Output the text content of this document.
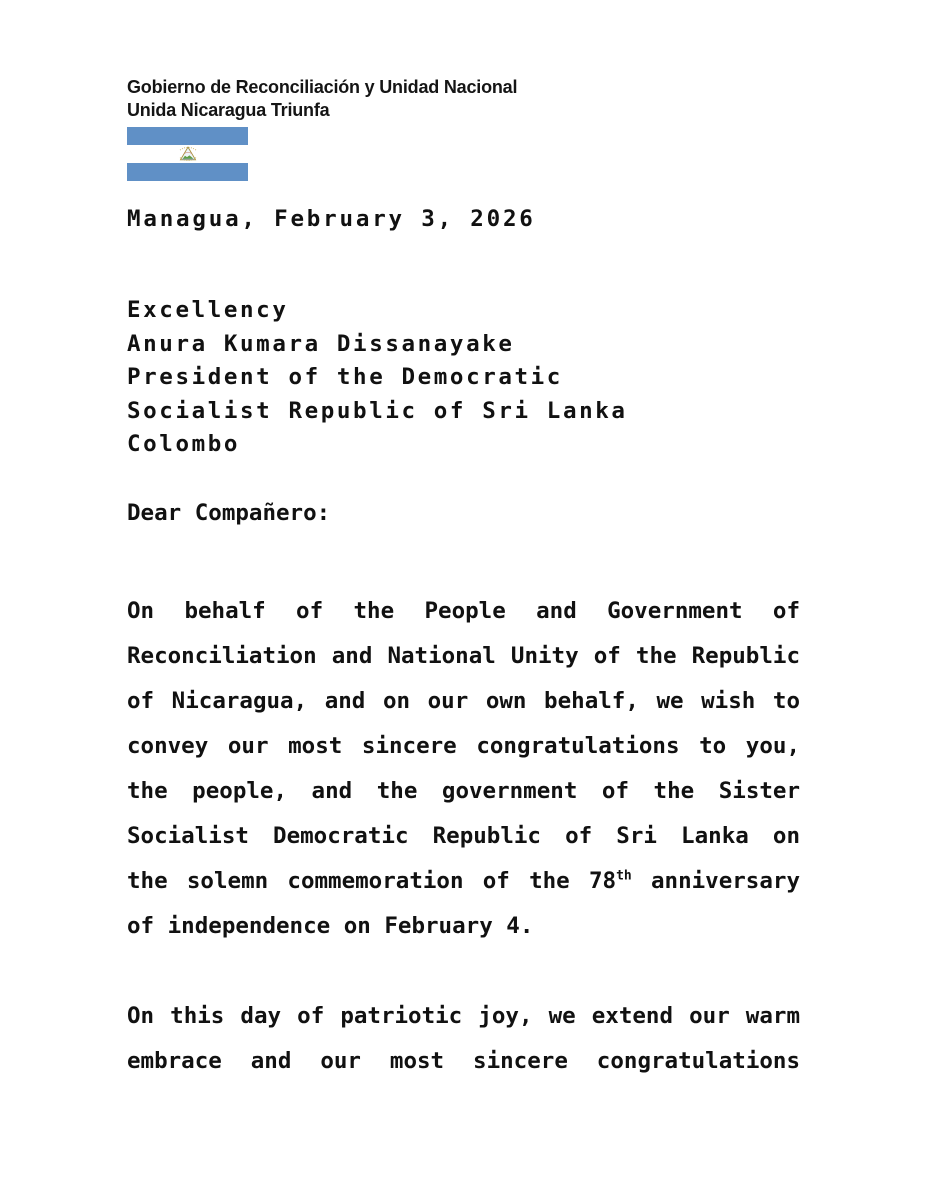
Gobierno de Reconciliación y Unidad Nacional
Unida Nicaragua Triunfa
Managua, February 3, 2026
Excellency
Anura Kumara Dissanayake
President of the Democratic
Socialist Republic of Sri Lanka
Colombo
Dear Compañero:
On behalf of the People and Government of
Reconciliation and National Unity of the Republic
of Nicaragua, and on our own behalf, we wish to
convey our most sincere congratulations to you,
the people, and the government of the Sister
Socialist Democratic Republic of Sri Lanka on
the solemn commemoration of the 78th anniversary
of independence on February 4.
On this day of patriotic joy, we extend our warm
embrace and our most sincere congratulations
